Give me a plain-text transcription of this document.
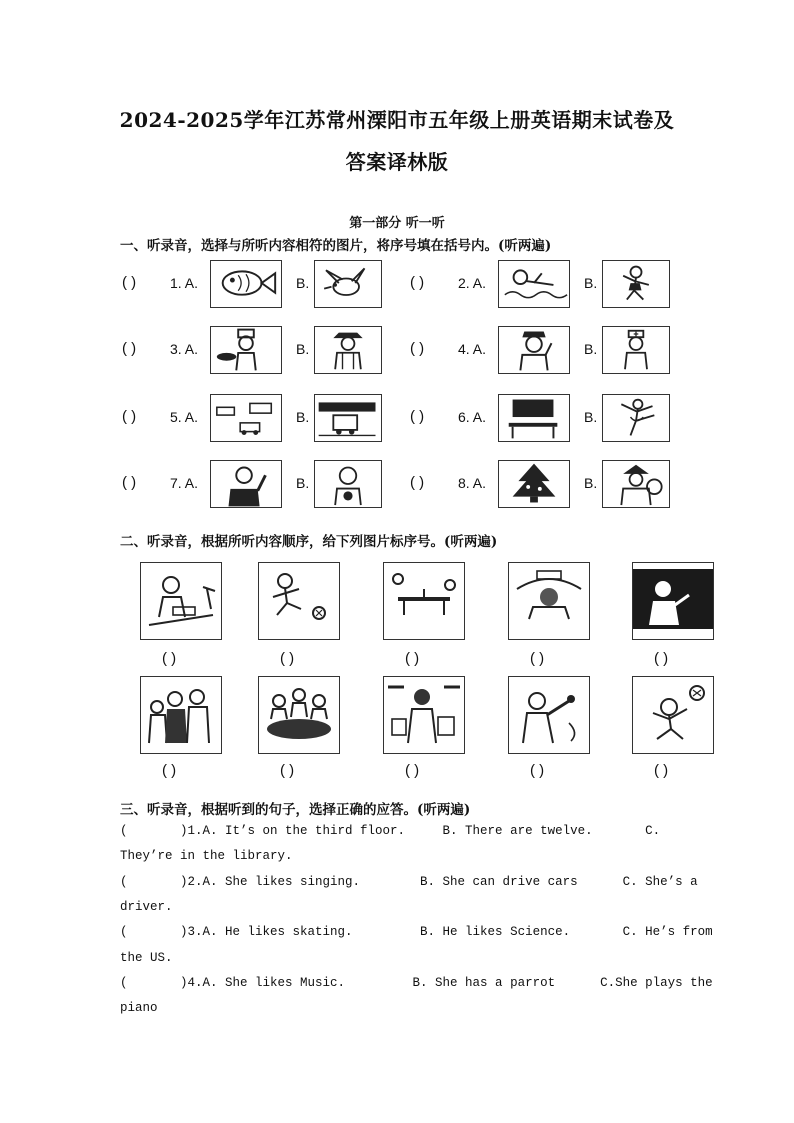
2024-2025学年江苏常州溧阳市五年级上册英语期末试卷及
答案译林版
第一部分 听一听
一、听录音，选择与所听内容相符的图片，将序号填在括号内。(听两遍)
( ) 1. A.	B.	( ) 2. A.	B.
( ) 3. A.	B.	( ) 4. A.	B.
( ) 5. A.	B.	( ) 6. A.	B.
( ) 7. A.	B.	( ) 8. A.	B.
二、听录音，根据所听内容顺序，给下列图片标序号。(听两遍)
( )	( )	( )	( )	( )
( )	( )	( )	( )	( )
三、听录音，根据听到的句子，选择正确的应答。(听两遍)
(       )1.A. It’s on the third floor.     B. There are twelve.       C.
They’re in the library.
(       )2.A. She likes singing.        B. She can drive cars      C. She’s a
driver.
(       )3.A. He likes skating.         B. He likes Science.       C. He’s from
the US.
(       )4.A. She likes Music.         B. She has a parrot      C.She plays the
piano
